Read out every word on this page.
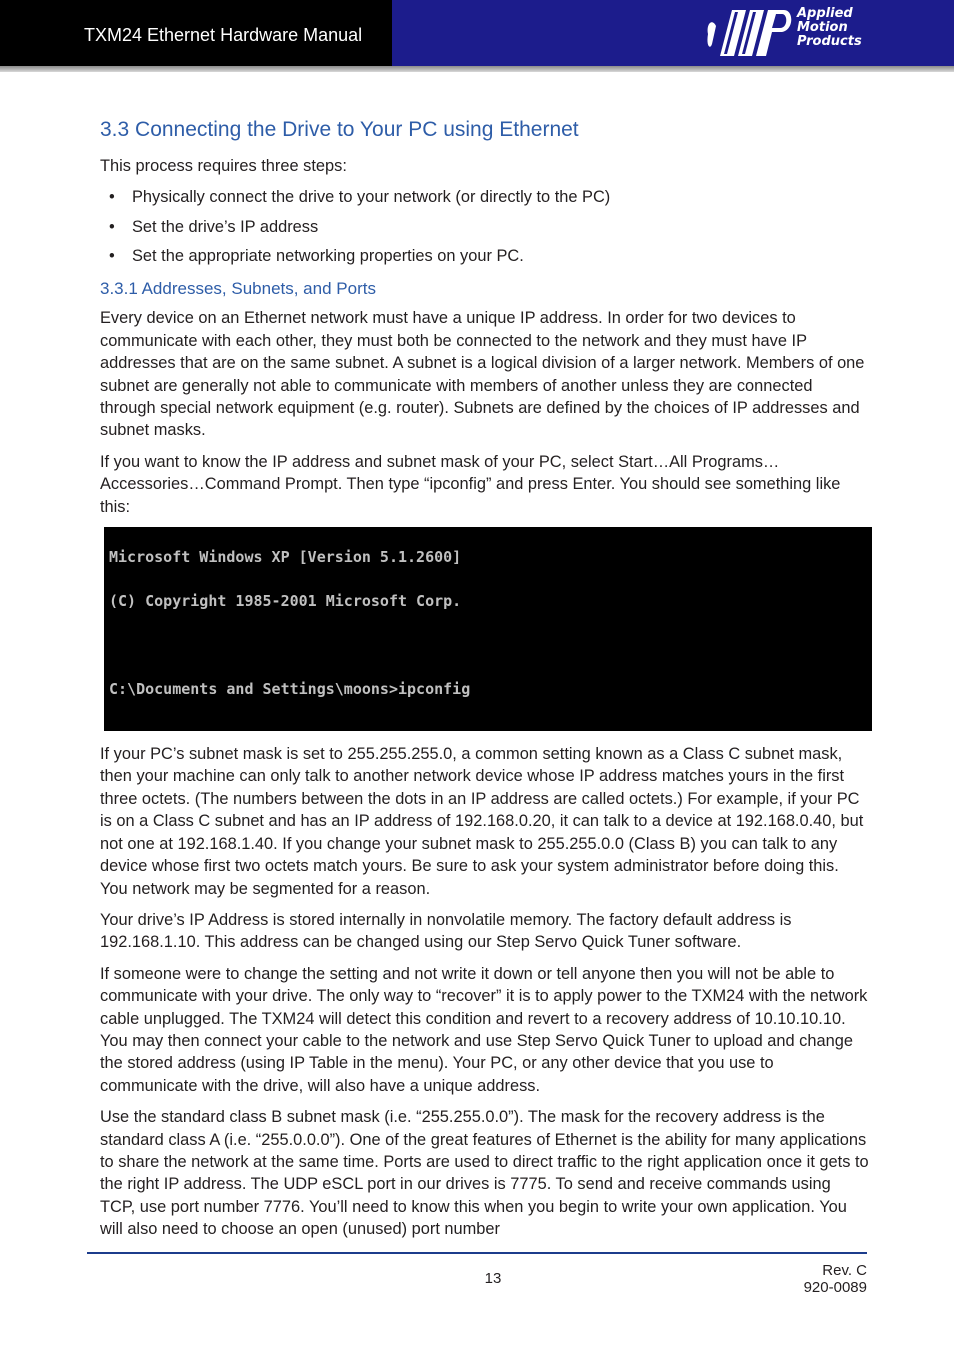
TXM24 Ethernet Hardware Manual
Applied
Motion
Products
3.3 Connecting the Drive to Your PC using Ethernet

This process requires three steps:

• Physically connect the drive to your network (or directly to the PC)
• Set the drive’s IP address
• Set the appropriate networking properties on your PC.
3.3.1 Addresses, Subnets, and Ports

Every device on an Ethernet network must have a unique IP address. In order for two devices to communicate with each other, they must both be connected to the network and they must have IP addresses that are on the same subnet. A subnet is a logical division of a larger network. Members of one subnet are generally not able to communicate with members of another unless they are connected through special network equipment (e.g. router). Subnets are defined by the choices of IP addresses and subnet masks.

If you want to know the IP address and subnet mask of your PC, select Start…All Programs…Accessories…Command Prompt. Then type “ipconfig” and press Enter. You should see something like this:

Microsoft Windows XP [Version 5.1.2600]

(C) Copyright 1985-2001 Microsoft Corp.

C:\Documents and Settings\moons>ipconfig

If your PC’s subnet mask is set to 255.255.255.0, a common setting known as a Class C subnet mask, then your machine can only talk to another network device whose IP address matches yours in the first three octets. (The numbers between the dots in an IP address are called octets.) For example, if your PC is on a Class C subnet and has an IP address of 192.168.0.20, it can talk to a device at 192.168.0.40, but not one at 192.168.1.40. If you change your subnet mask to 255.255.0.0 (Class B) you can talk to any device whose first two octets match yours. Be sure to ask your system administrator before doing this. You network may be segmented for a reason.

Your drive’s IP Address is stored internally in nonvolatile memory. The factory default address is 192.168.1.10. This address can be changed using our Step Servo Quick Tuner software.

If someone were to change the setting and not write it down or tell anyone then you will not be able to communicate with your drive. The only way to “recover” it is to apply power to the TXM24 with the network cable unplugged. The TXM24 will detect this condition and revert to a recovery address of 10.10.10.10. You may then connect your cable to the network and use Step Servo Quick Tuner to upload and change the stored address (using IP Table in the menu). Your PC, or any other device that you use to communicate with the drive, will also have a unique address.

Use the standard class B subnet mask (i.e. “255.255.0.0”). The mask for the recovery address is the standard class A (i.e. “255.0.0.0”). One of the great features of Ethernet is the ability for many applications to share the network at the same time. Ports are used to direct traffic to the right application once it gets to the right IP address. The UDP eSCL port in our drives is 7775. To send and receive commands using TCP, use port number 7776. You’ll need to know this when you begin to write your own application. You will also need to choose an open (unused) port number

13	Rev. C
920-0089
